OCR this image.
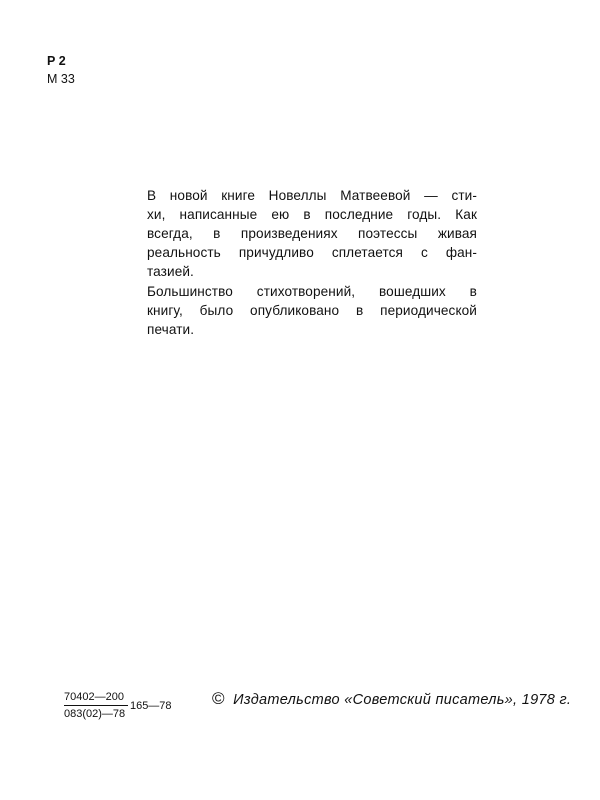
Р 2
М 33

В новой книге Новеллы Матвеевой — сти-
хи, написанные ею в последние годы. Как
всегда, в произведениях поэтессы живая
реальность причудливо сплетается с фан-
тазией.

Большинство стихотворений, вошедших в
книгу, было опубликовано в периодической
печати.

$\frac{70402—200}{083(02)—78}$ 165—78 © Издательство «Советский писатель», 1978 г.
